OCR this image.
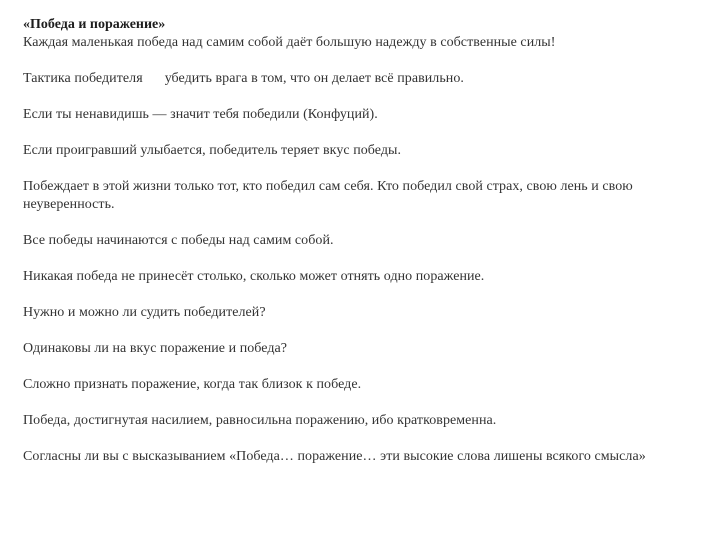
«Победа и поражение»

Каждая маленькая победа над самим собой даёт большую надежду в собственные силы!

Тактика победителя убедить врага в том, что он делает всё правильно.

Если ты ненавидишь — значит тебя победили (Конфуций).

Если проигравший улыбается, победитель теряет вкус победы.

Побеждает в этой жизни только тот, кто победил сам себя. Кто победил свой страх, свою лень и свою неуверенность.

Все победы начинаются с победы над самим собой.

Никакая победа не принесёт столько, сколько может отнять одно поражение.

Нужно и можно ли судить победителей?

Одинаковы ли на вкус поражение и победа?

Сложно признать поражение, когда так близок к победе.

Победа, достигнутая насилием, равносильна поражению, ибо кратковременна.

Согласны ли вы с высказыванием «Победа… поражение… эти высокие слова лишены всякого смысла»
